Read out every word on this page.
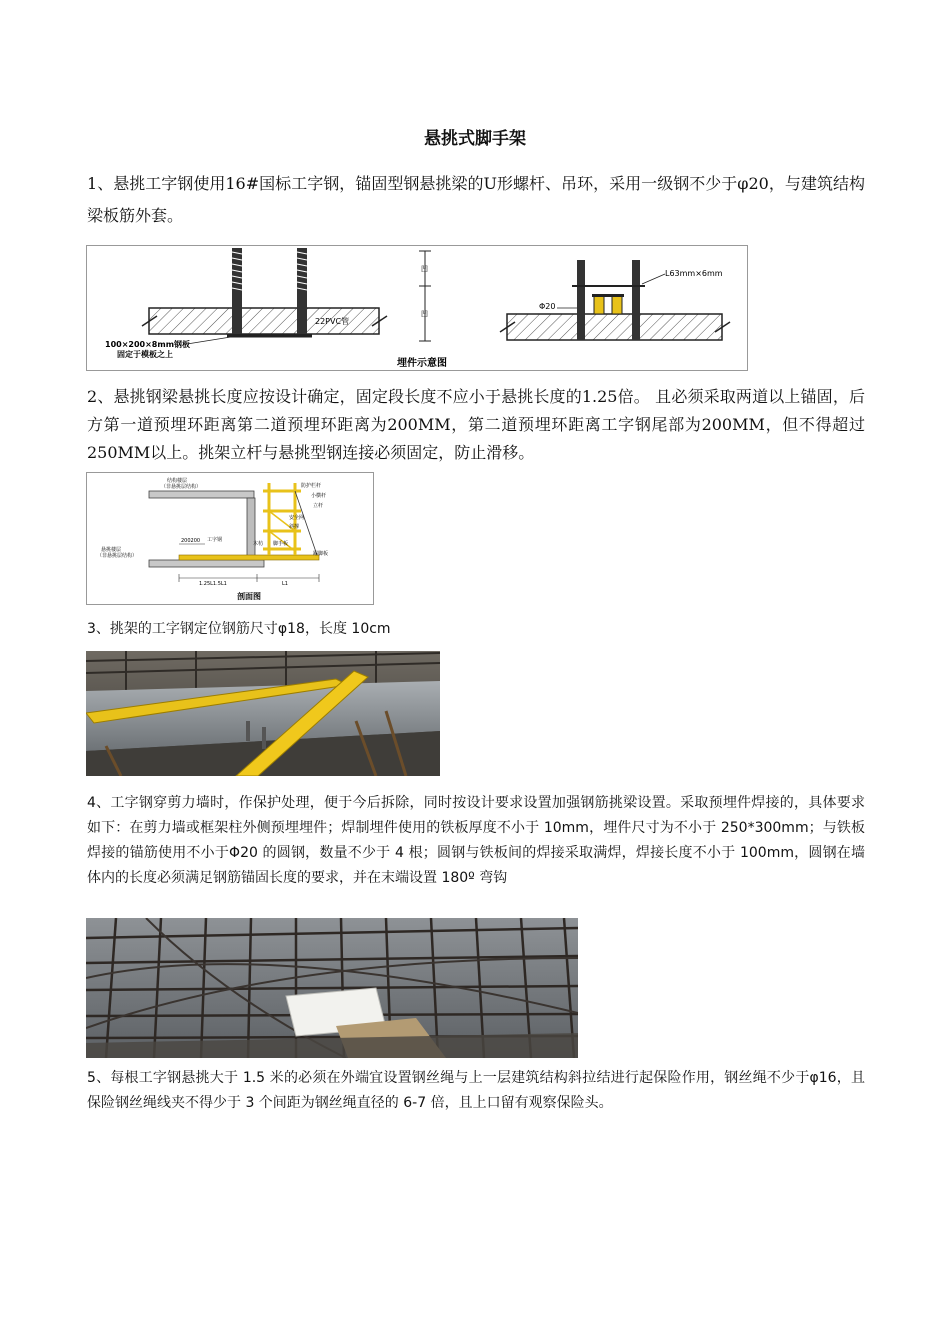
悬挑式脚手架
1、悬挑工字钢使用16#国标工字钢，锚固型钢悬挑梁的U形螺杆、吊环，采用一级钢不少于φ20，与建筑结构梁板筋外套。
22PVC管
100×200×8mm钢板
固定于模板之上
凹
凹
埋件示意图
L63mm×6mm
Φ20
2、悬挑钢梁悬挑长度应按设计确定，固定段长度不应小于悬挑长度的1.25倍。 且必须采取两道以上锚固，后方第一道预埋环距离第二道预埋环距离为200MM，第二道预埋环距离工字钢尾部为200MM，但不得超过250MM以上。挑架立杆与悬挑型钢连接必须固定，防止滑移。
结构楼层
（非悬挑层结构）
悬挑楼层
（非悬挑层结构）
工字钢
防护栏杆
小横杆
立杆
安全网
斜撑
木枋
踢脚板
脚手板
200200
1.25L1.5L1	L1
剖面图
3、挑架的工字钢定位钢筋尺寸φ18，长度 10cm
4、工字钢穿剪力墙时，作保护处理，便于今后拆除，同时按设计要求设置加强钢筋挑梁设置。采取预埋件焊接的，具体要求如下：在剪力墙或框架柱外侧预埋埋件；焊制埋件使用的铁板厚度不小于 10mm，埋件尺寸为不小于 250*300mm；与铁板焊接的锚筋使用不小于Φ20 的圆钢，数量不少于 4 根；圆钢与铁板间的焊接采取满焊，焊接长度不小于 100mm，圆钢在墙体内的长度必须满足钢筋锚固长度的要求，并在末端设置 180º 弯钩
5、每根工字钢悬挑大于 1.5 米的必须在外端宜设置钢丝绳与上一层建筑结构斜拉结进行起保险作用，钢丝绳不少于φ16，且保险钢丝绳线夹不得少于 3 个间距为钢丝绳直径的 6-7 倍，且上口留有观察保险头。
